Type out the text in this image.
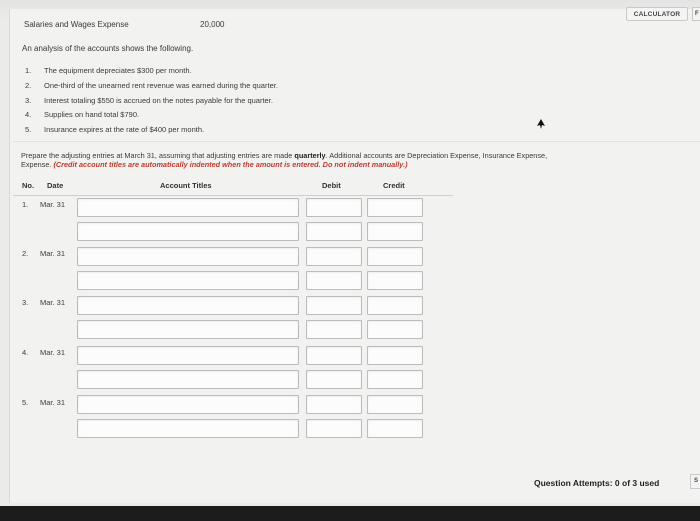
CALCULATOR	F
Salaries and Wages Expense	20,000
An analysis of the accounts shows the following.
1. The equipment depreciates $300 per month.
2. One-third of the unearned rent revenue was earned during the quarter.
3. Interest totaling $550 is accrued on the notes payable for the quarter.
4. Supplies on hand total $790.
5. Insurance expires at the rate of $400 per month.
Prepare the adjusting entries at March 31, assuming that adjusting entries are made quarterly. Additional accounts are Depreciation Expense, Insurance Expense,
Expense. (Credit account titles are automatically indented when the amount is entered. Do not indent manually.)
No. Date	Account Titles	Debit	Credit
1. Mar. 31
2. Mar. 31
3. Mar. 31
4. Mar. 31
5. Mar. 31
Question Attempts: 0 of 3 used	S
